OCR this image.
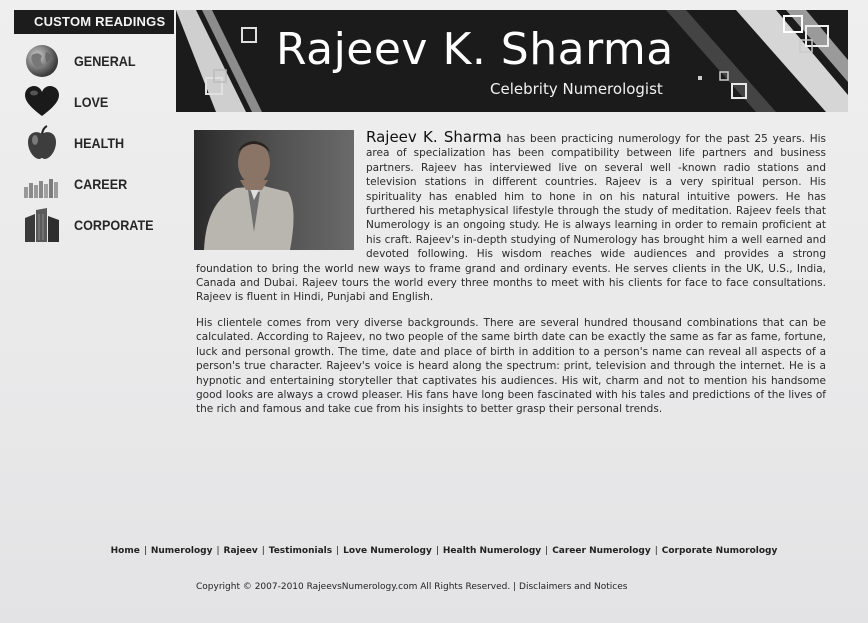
CUSTOM READINGS
GENERAL
LOVE
HEALTH
CAREER
CORPORATE
Rajeev K. Sharma
Celebrity Numerologist

Rajeev K. Sharma has been practicing numerology for the past 25 years. His area of specialization has been compatibility between life partners and business partners. Rajeev has interviewed live on several well -known radio stations and television stations in different countries. Rajeev is a very spiritual person. His spirituality has enabled him to hone in on his natural intuitive powers. He has furthered his metaphysical lifestyle through the study of meditation. Rajeev feels that Numerology is an ongoing study. He is always learning in order to remain proficient at his craft. Rajeev's in-depth studying of Numerology has brought him a well earned and devoted following. His wisdom reaches wide audiences and provides a strong foundation to bring the world new ways to frame grand and ordinary events. He serves clients in the UK, U.S., India, Canada and Dubai. Rajeev tours the world every three months to meet with his clients for face to face consultations. Rajeev is fluent in Hindi, Punjabi and English.

His clientele comes from very diverse backgrounds. There are several hundred thousand combinations that can be calculated. According to Rajeev, no two people of the same birth date can be exactly the same as far as fame, fortune, luck and personal growth. The time, date and place of birth in addition to a person's name can reveal all aspects of a person's true character. Rajeev's voice is heard along the spectrum: print, television and through the internet. He is a hypnotic and entertaining storyteller that captivates his audiences. His wit, charm and not to mention his handsome good looks are always a crowd pleaser. His fans have long been fascinated with his tales and predictions of the lives of the rich and famous and take cue from his insights to better grasp their personal trends.

Home | Numerology | Rajeev | Testimonials | Love Numerology | Health Numerology | Career Numerology | Corporate Numorology
Copyright © 2007-2010 RajeevsNumerology.com All Rights Reserved. | Disclaimers and Notices
